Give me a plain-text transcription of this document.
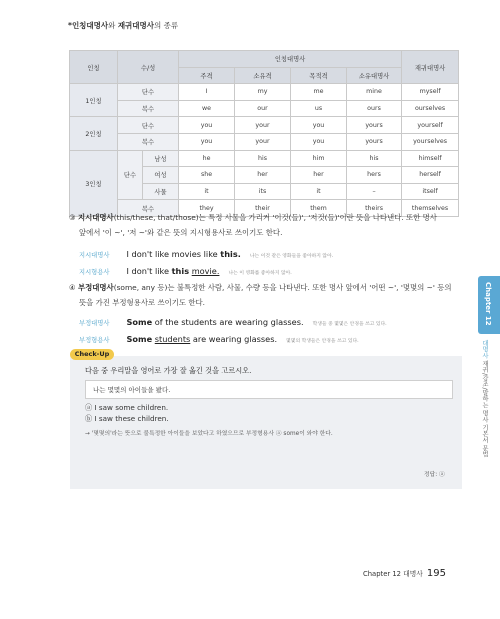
*인칭대명사와 재귀대명사의 종류
인칭	수/성		인칭대명사				재귀대명사
			주격	소유격	목적격	소유대명사	
1인칭	단수		I	my	me	mine	myself
	복수		we	our	us	ours	ourselves
2인칭	단수		you	your	you	yours	yourself
	복수		you	your	you	yours	yourselves
3인칭	단수	남성	he	his	him	his	himself
		여성	she	her	her	hers	herself
		사물	it	its	it	–	itself
	복수		they	their	them	theirs	themselves
③ 지시대명사(this/these, that/those)는 특정 사물을 가리켜 '이것(들)', '저것(들)'이란 뜻을 나타낸다. 또한 명사
앞에서 '이 ~', '저 ~'와 같은 뜻의 지시형용사로 쓰이기도 한다.
지시대명사 I don't like movies like this. 나는 이것 같은 영화들을 좋아하지 않아.
지시형용사 I don't like this movie. 나는 이 영화를 좋아하지 않아.
④ 부정대명사(some, any 등)는 불특정한 사람, 사물, 수량 등을 나타낸다. 또한 명사 앞에서 '어떤 ~', '몇몇의 ~' 등의
뜻을 가진 부정형용사로 쓰이기도 한다.
부정대명사 Some of the students are wearing glasses. 학생들 중 몇몇은 안경을 쓰고 있다.
부정형용사 Some students are wearing glasses. 몇몇의 학생들은 안경을 쓰고 있다.
Check-Up
다음 중 우리말을 영어로 가장 잘 옮긴 것을 고르시오.
나는 몇몇의 아이들을 봤다.
ⓐ I saw some children.
ⓑ I saw these children.
→ '몇몇의'라는 뜻으로 불특정한 아이들을 보았다고 하였으므로 부정형용사 ⓐ some이 와야 한다.
정답: ⓐ
Chapter 12
대명사 재귀/강조/말하는 명사 기본서 문법
Chapter 12 대명사 195
